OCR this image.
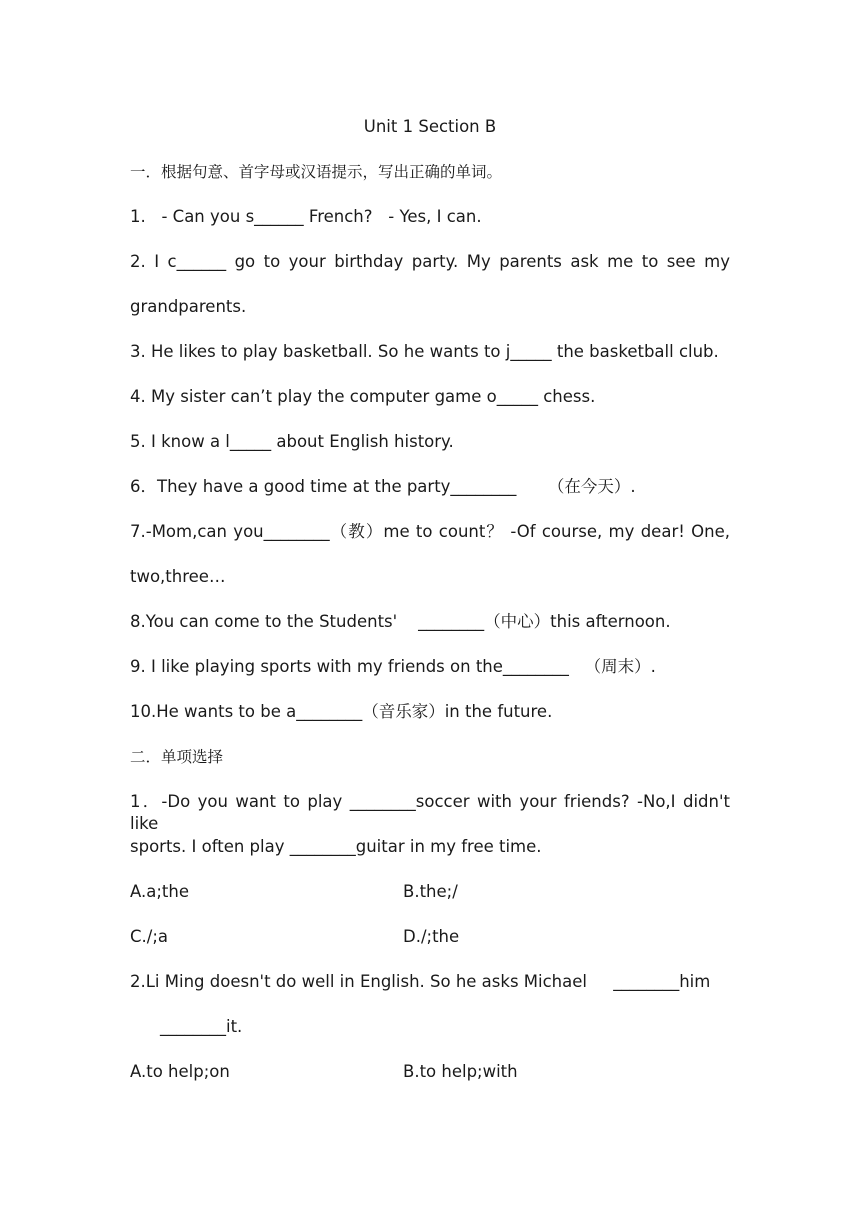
Unit 1 Section B
一．根据句意、首字母或汉语提示，写出正确的单词。
1.   - Can you s______ French?   - Yes, I can.
2. I c______ go to your birthday party. My parents ask me to see my
grandparents.
3. He likes to play basketball. So he wants to j_____ the basketball club.
4. My sister can’t play the computer game o_____ chess.
5. I know a l_____ about English history.
6．They have a good time at the party________      （在今天）.
7.-Mom,can you________（教）me to count？ -Of course, my dear! One,
two,three…
8.You can come to the Students'    ________（中心）this afternoon.
9. I like playing sports with my friends on the________   （周末）.
10.He wants to be a________（音乐家）in the future.
二．单项选择
1．-Do you want to play ________soccer with your friends? -No,I didn't like
sports. I often play ________guitar in my free time.
A.a;the	B.the;/
C./;a	D./;the
2.Li Ming doesn't do well in English. So he asks Michael     ________him
________it.
A.to help;on	B.to help;with
